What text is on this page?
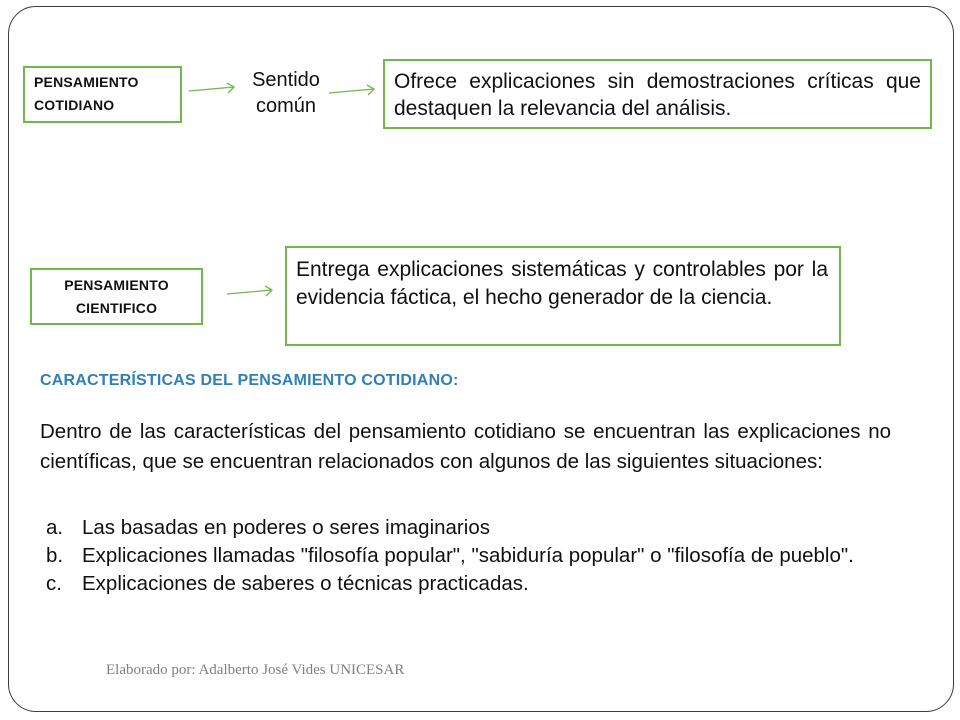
PENSAMIENTO COTIDIANO
Sentido común
Ofrece explicaciones sin demostraciones críticas que destaquen la relevancia del análisis.
PENSAMIENTO CIENTIFICO
Entrega explicaciones sistemáticas y controlables por la evidencia fáctica, el hecho generador de la ciencia.
CARACTERÍSTICAS DEL PENSAMIENTO COTIDIANO:
Dentro de las características del pensamiento cotidiano se encuentran las explicaciones no científicas, que se encuentran relacionados con algunos de las siguientes situaciones:
a. Las basadas en poderes o seres imaginarios
b. Explicaciones llamadas "filosofía popular", "sabiduría popular" o "filosofía de pueblo".
c. Explicaciones de saberes o técnicas practicadas.
Elaborado por: Adalberto José Vides UNICESAR
